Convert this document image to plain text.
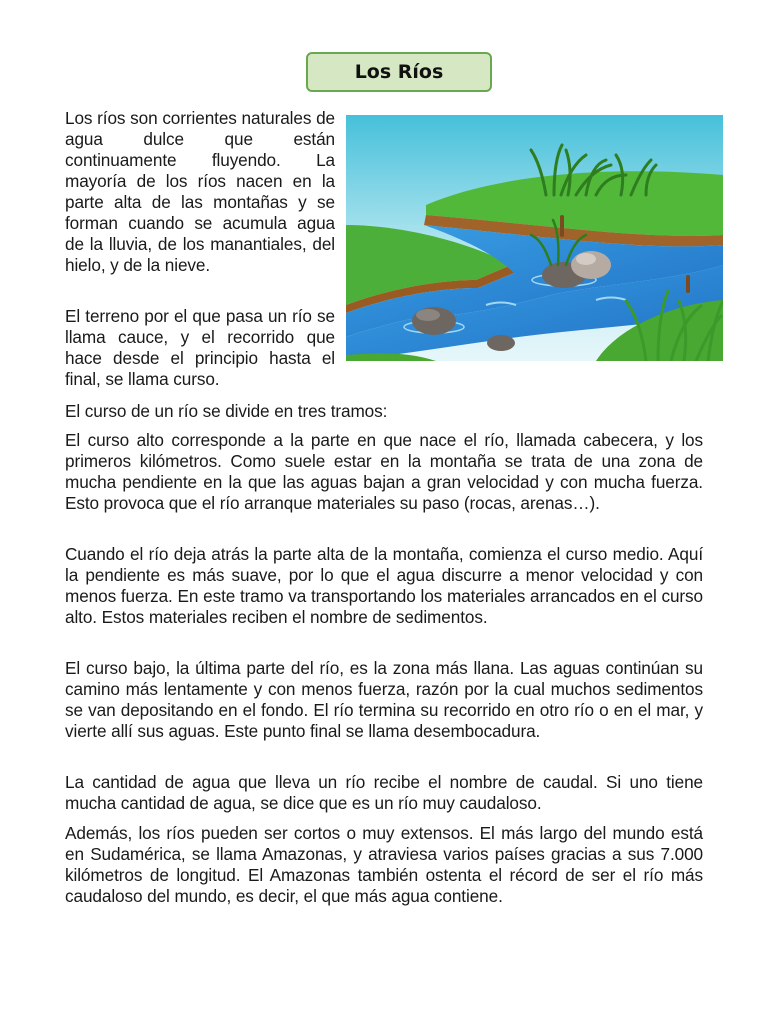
Los Ríos

Los ríos son corrientes naturales de agua dulce que están continuamente fluyendo. La mayoría de los ríos nacen en la parte alta de las montañas y se forman cuando se acumula agua de la lluvia, de los manantiales, del hielo, y de la nieve.

El terreno por el que pasa un río se llama cauce, y el recorrido que hace desde el principio hasta el final, se llama curso.

El curso de un río se divide en tres tramos:

El curso alto corresponde a la parte en que nace el río, llamada cabecera, y los primeros kilómetros. Como suele estar en la montaña se trata de una zona de mucha pendiente en la que las aguas bajan a gran velocidad y con mucha fuerza. Esto provoca que el río arranque materiales su paso (rocas, arenas…).

Cuando el río deja atrás la parte alta de la montaña, comienza el curso medio. Aquí la pendiente es más suave, por lo que el agua discurre a menor velocidad y con menos fuerza. En este tramo va transportando los materiales arrancados en el curso alto. Estos materiales reciben el nombre de sedimentos.

El curso bajo, la última parte del río, es la zona más llana. Las aguas continúan su camino más lentamente y con menos fuerza, razón por la cual muchos sedimentos se van depositando en el fondo. El río termina su recorrido en otro río o en el mar, y vierte allí sus aguas. Este punto final se llama desembocadura.

La cantidad de agua que lleva un río recibe el nombre de caudal. Si uno tiene mucha cantidad de agua, se dice que es un río muy caudaloso.

Además, los ríos pueden ser cortos o muy extensos. El más largo del mundo está en Sudamérica, se llama Amazonas, y atraviesa varios países gracias a sus 7.000 kilómetros de longitud. El Amazonas también ostenta el récord de ser el río más caudaloso del mundo, es decir, el que más agua contiene.
